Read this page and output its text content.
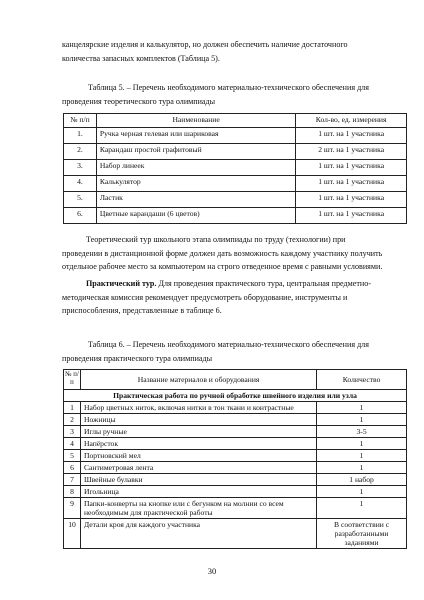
канцелярские изделия и калькулятор, но должен обеспечить наличие достаточного
количества запасных комплектов (Таблица 5).

Таблица 5. – Перечень необходимого материально-технического обеспечения для
проведения теоретического тура олимпиады

№ п/п	Наименование	Кол-во, ед. измерения
1.	Ручка черная гелевая или шариковая	1 шт. на 1 участника
2.	Карандаш простой графитовый	2 шт. на 1 участника
3.	Набор линеек	1 шт. на 1 участника
4.	Калькулятор	1 шт. на 1 участника
5.	Ластик	1 шт. на 1 участника
6.	Цветные карандаши (6 цветов)	1 шт. на 1 участника

Теоретический тур школьного этапа олимпиады по труду (технологии) при
проведении в дистанционной форме должен дать возможность каждому участнику получить
отдельное рабочее место за компьютером на строго отведенное время с равными условиями.

Практический тур. Для проведения практического тура, центральная предметно-
методическая комиссия рекомендует предусмотреть оборудование, инструменты и
приспособления, представленные в таблице 6.

Таблица 6. – Перечень необходимого материально-технического обеспечения для
проведения практического тура олимпиады

№ п/п	Название материалов и оборудования	Количество
Практическая работа по ручной обработке швейного изделия или узла		
1	Набор цветных ниток, включая нитки в тон ткани и контрастные	1
2	Ножницы	1
3	Иглы ручные	3-5
4	Напёрсток	1
5	Портновский мел	1
6	Сантиметровая лента	1
7	Швейные булавки	1 набор
8	Игольница	1
9	Папки-конверты на кнопке или с бегунком на молнии со всем необходимым для практической работы	1
10	Детали кроя для каждого участника	В соответствии с разработанными заданиями
30
